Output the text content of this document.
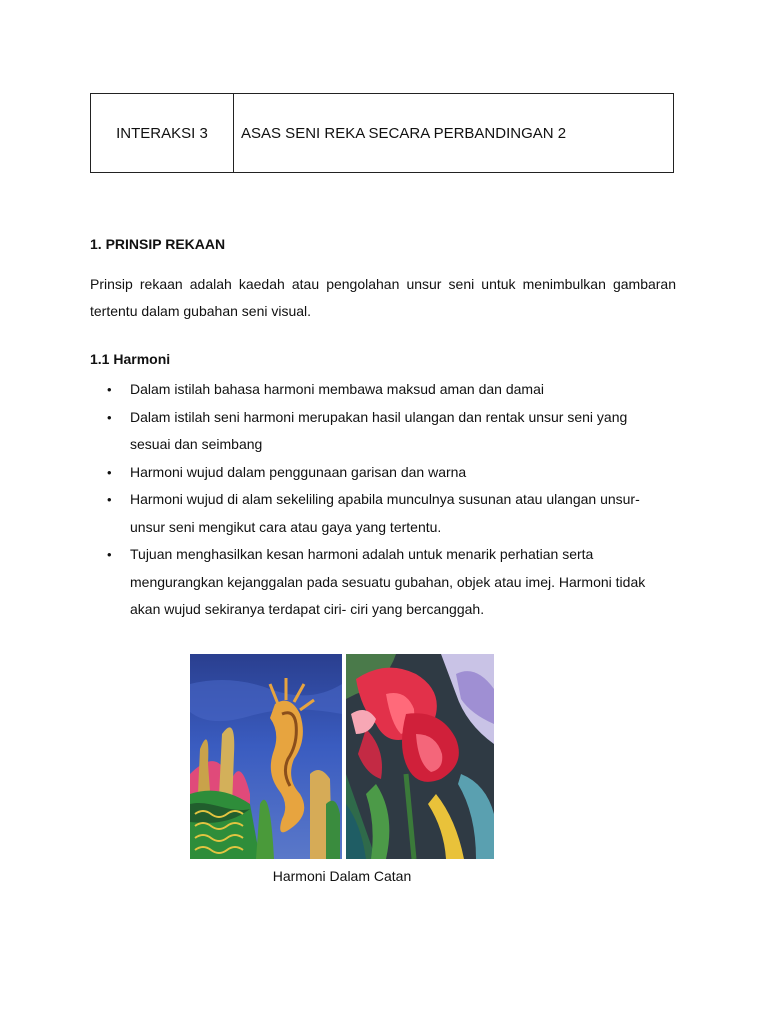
INTERAKSI 3	ASAS SENI REKA SECARA PERBANDINGAN 2
1. PRINSIP REKAAN
Prinsip rekaan adalah kaedah atau pengolahan unsur seni untuk menimbulkan gambaran tertentu dalam gubahan seni visual.
1.1 Harmoni
• Dalam istilah bahasa harmoni membawa maksud aman dan damai
• Dalam istilah seni harmoni merupakan hasil ulangan dan rentak unsur seni yang sesuai dan seimbang
• Harmoni wujud dalam penggunaan garisan dan warna
• Harmoni wujud di alam sekeliling apabila munculnya susunan atau ulangan unsur-unsur seni mengikut cara atau gaya yang tertentu.
• Tujuan menghasilkan kesan harmoni adalah untuk menarik perhatian serta mengurangkan kejanggalan pada sesuatu gubahan, objek atau imej. Harmoni tidak akan wujud sekiranya terdapat ciri- ciri yang bercanggah.
Harmoni Dalam Catan
